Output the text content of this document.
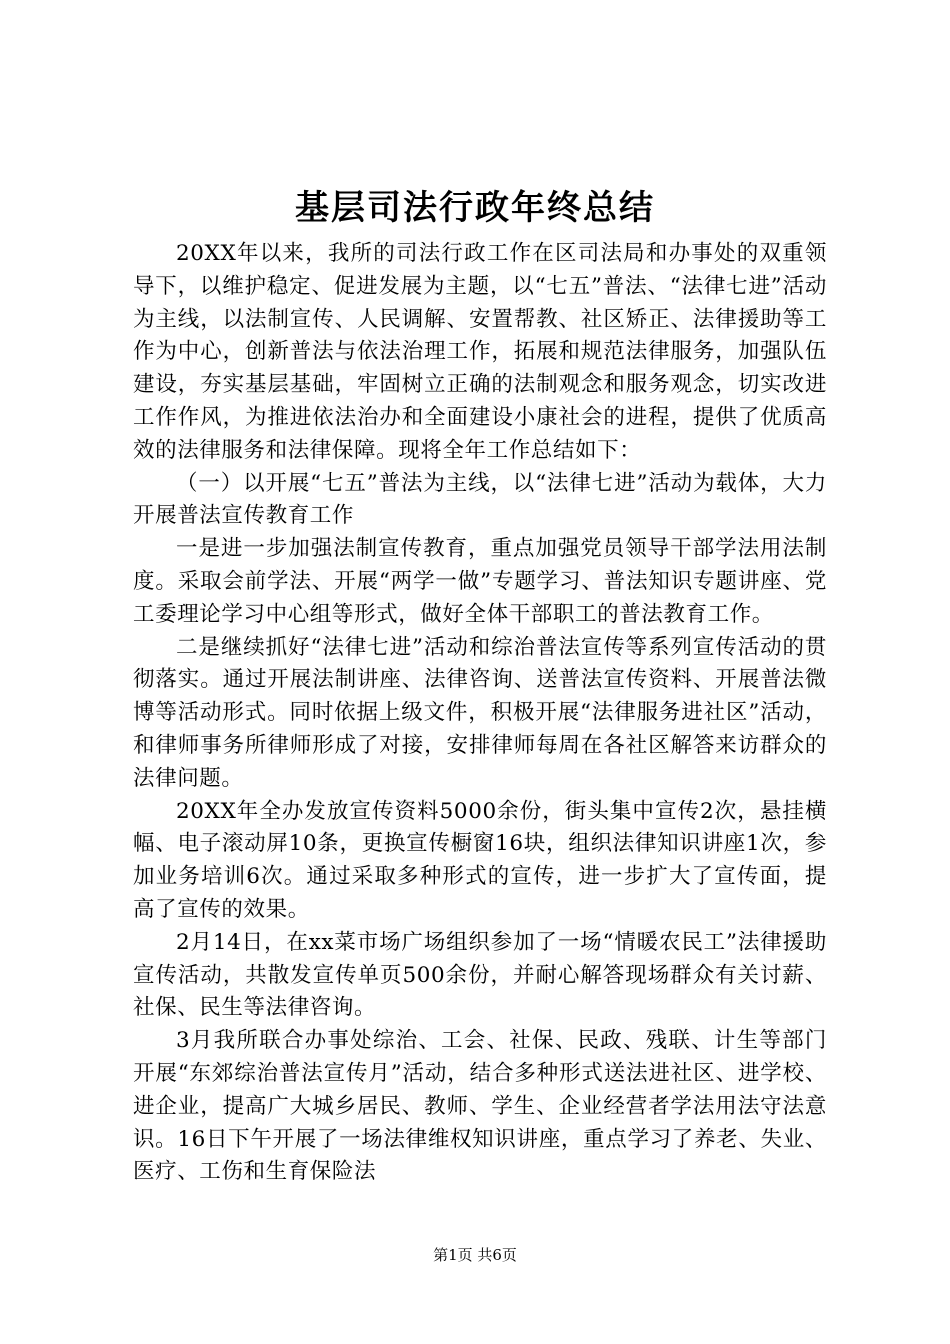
基层司法行政年终总结

20XX年以来，我所的司法行政工作在区司法局和办事处的双重领导下，以维护稳定、促进发展为主题，以“七五”普法、“法律七进”活动为主线，以法制宣传、人民调解、安置帮教、社区矫正、法律援助等工作为中心，创新普法与依法治理工作，拓展和规范法律服务，加强队伍建设，夯实基层基础，牢固树立正确的法制观念和服务观念，切实改进工作作风，为推进依法治办和全面建设小康社会的进程，提供了优质高效的法律服务和法律保障。现将全年工作总结如下：

（一）以开展“七五”普法为主线，以“法律七进”活动为载体，大力开展普法宣传教育工作

一是进一步加强法制宣传教育，重点加强党员领导干部学法用法制度。采取会前学法、开展“两学一做”专题学习、普法知识专题讲座、党工委理论学习中心组等形式，做好全体干部职工的普法教育工作。

二是继续抓好“法律七进”活动和综治普法宣传等系列宣传活动的贯彻落实。通过开展法制讲座、法律咨询、送普法宣传资料、开展普法微博等活动形式。同时依据上级文件，积极开展“法律服务进社区”活动，和律师事务所律师形成了对接，安排律师每周在各社区解答来访群众的法律问题。

20XX年全办发放宣传资料5000余份，街头集中宣传2次，悬挂横幅、电子滚动屏10条，更换宣传橱窗16块，组织法律知识讲座1次，参加业务培训6次。通过采取多种形式的宣传，进一步扩大了宣传面，提高了宣传的效果。

2月14日，在xx菜市场广场组织参加了一场“情暖农民工”法律援助宣传活动，共散发宣传单页500余份，并耐心解答现场群众有关讨薪、社保、民生等法律咨询。

3月我所联合办事处综治、工会、社保、民政、残联、计生等部门开展“东郊综治普法宣传月”活动，结合多种形式送法进社区、进学校、进企业，提高广大城乡居民、教师、学生、企业经营者学法用法守法意识。16日下午开展了一场法律维权知识讲座，重点学习了养老、失业、医疗、工伤和生育保险法

第1页 共6页
